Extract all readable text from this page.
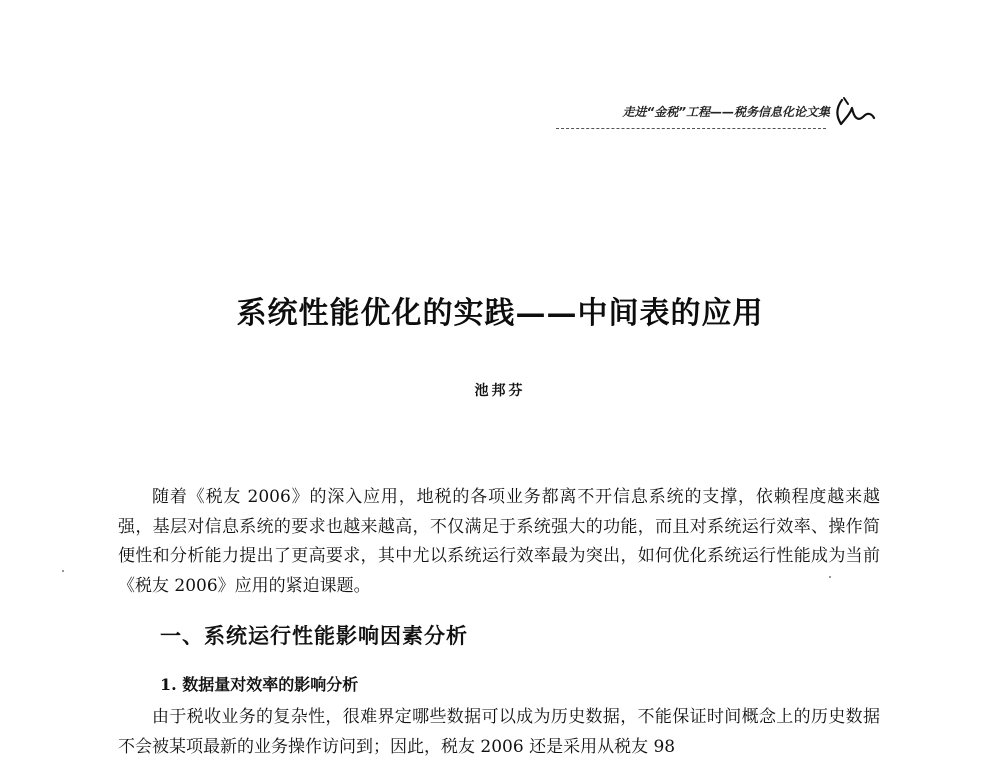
走进“金税”工程——税务信息化论文集
系统性能优化的实践——中间表的应用
池邦芬

随着《税友 2006》的深入应用，地税的各项业务都离不开信息系统的支撑，依赖程度越来越强，基层对信息系统的要求也越来越高，不仅满足于系统强大的功能，而且对系统运行效率、操作简便性和分析能力提出了更高要求，其中尤以系统运行效率最为突出，如何优化系统运行性能成为当前《税友 2006》应用的紧迫课题。

一、系统运行性能影响因素分析
1. 数据量对效率的影响分析

由于税收业务的复杂性，很难界定哪些数据可以成为历史数据，不能保证时间概念上的历史数据不会被某项最新的业务操作访问到；因此，税友 2006 还是采用从税友 98
